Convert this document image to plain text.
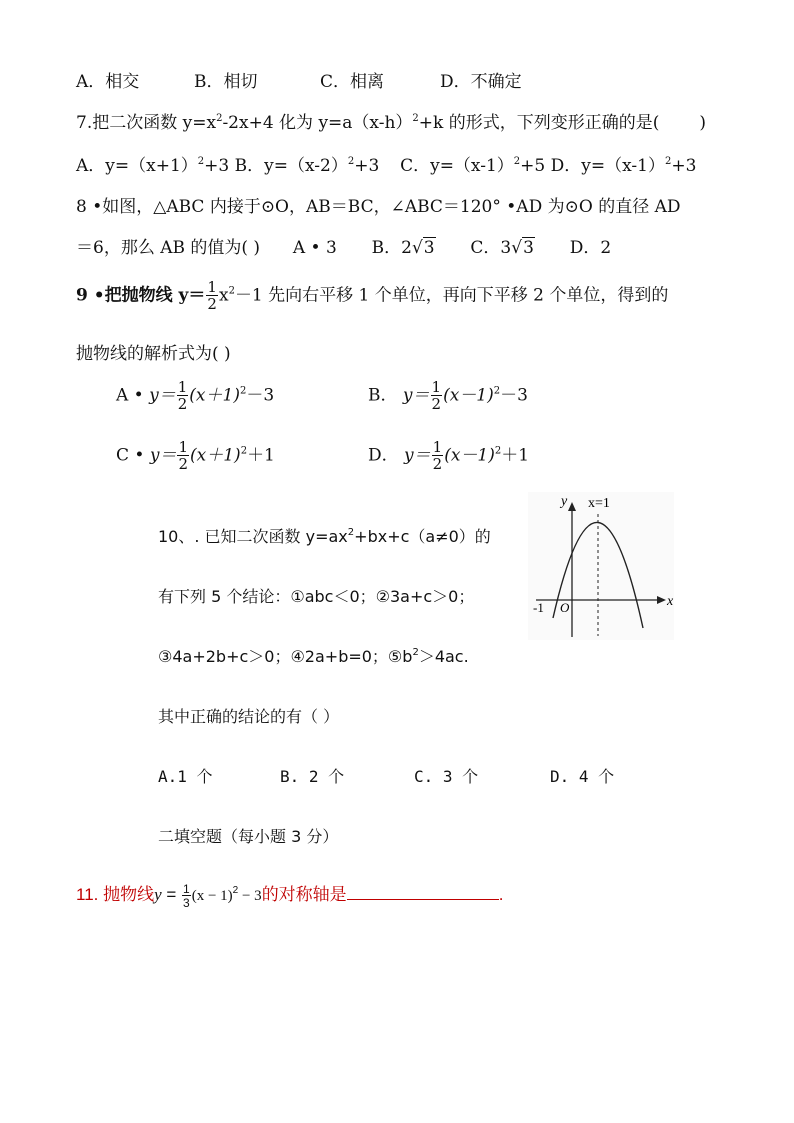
A．相交	B．相切	C．相离	D．不确定
7.把二次函数 $y=x^2-2x+4$ 化为 $y=a(x-h)^2+k$ 的形式，下列变形正确的是( )
A．$y=(x+1)^2+3$ B．$y=(x-2)^2+3$ C．$y=(x-1)^2+5$ D．$y=(x-1)^2+3$
8 •如图，△ABC 内接于⊙O，AB＝BC，∠ABC＝120° •AD 为⊙O 的直径 AD
＝6，那么 AB 的值为( ) A • 3 B．2√3 C．3√3 D．2
9 •把抛物线 $y= \frac{1}{2} x^2-1$ 先向右平移 1 个单位，再向下平移 2 个单位，得到的
抛物线的解析式为( )
A • $y= \frac{1}{2} (x+1)^2-3$	B． $y= \frac{1}{2} (x-1)^2-3$
C • $y= \frac{1}{2} (x+1)^2+1$	D． $y= \frac{1}{2} (x-1)^2+1$
10、. 已知二次函数 $y=ax^2+bx+c(a\ne 0)$的
有下列 5 个结论：①abc＜0；②3a+c＞0；
③4a+2b+c＞0；④2a+b=0；$⑤b^2>4ac$.
其中正确的结论的有（ ）
A.1 个	B. 2 个	C. 3 个	D. 4 个
y x=1
x
O
-1
二填空题（每小题 3 分）
11. 抛物线$y = \frac{1}{3} (x - 1)^2 - 3$的对称轴是	.
